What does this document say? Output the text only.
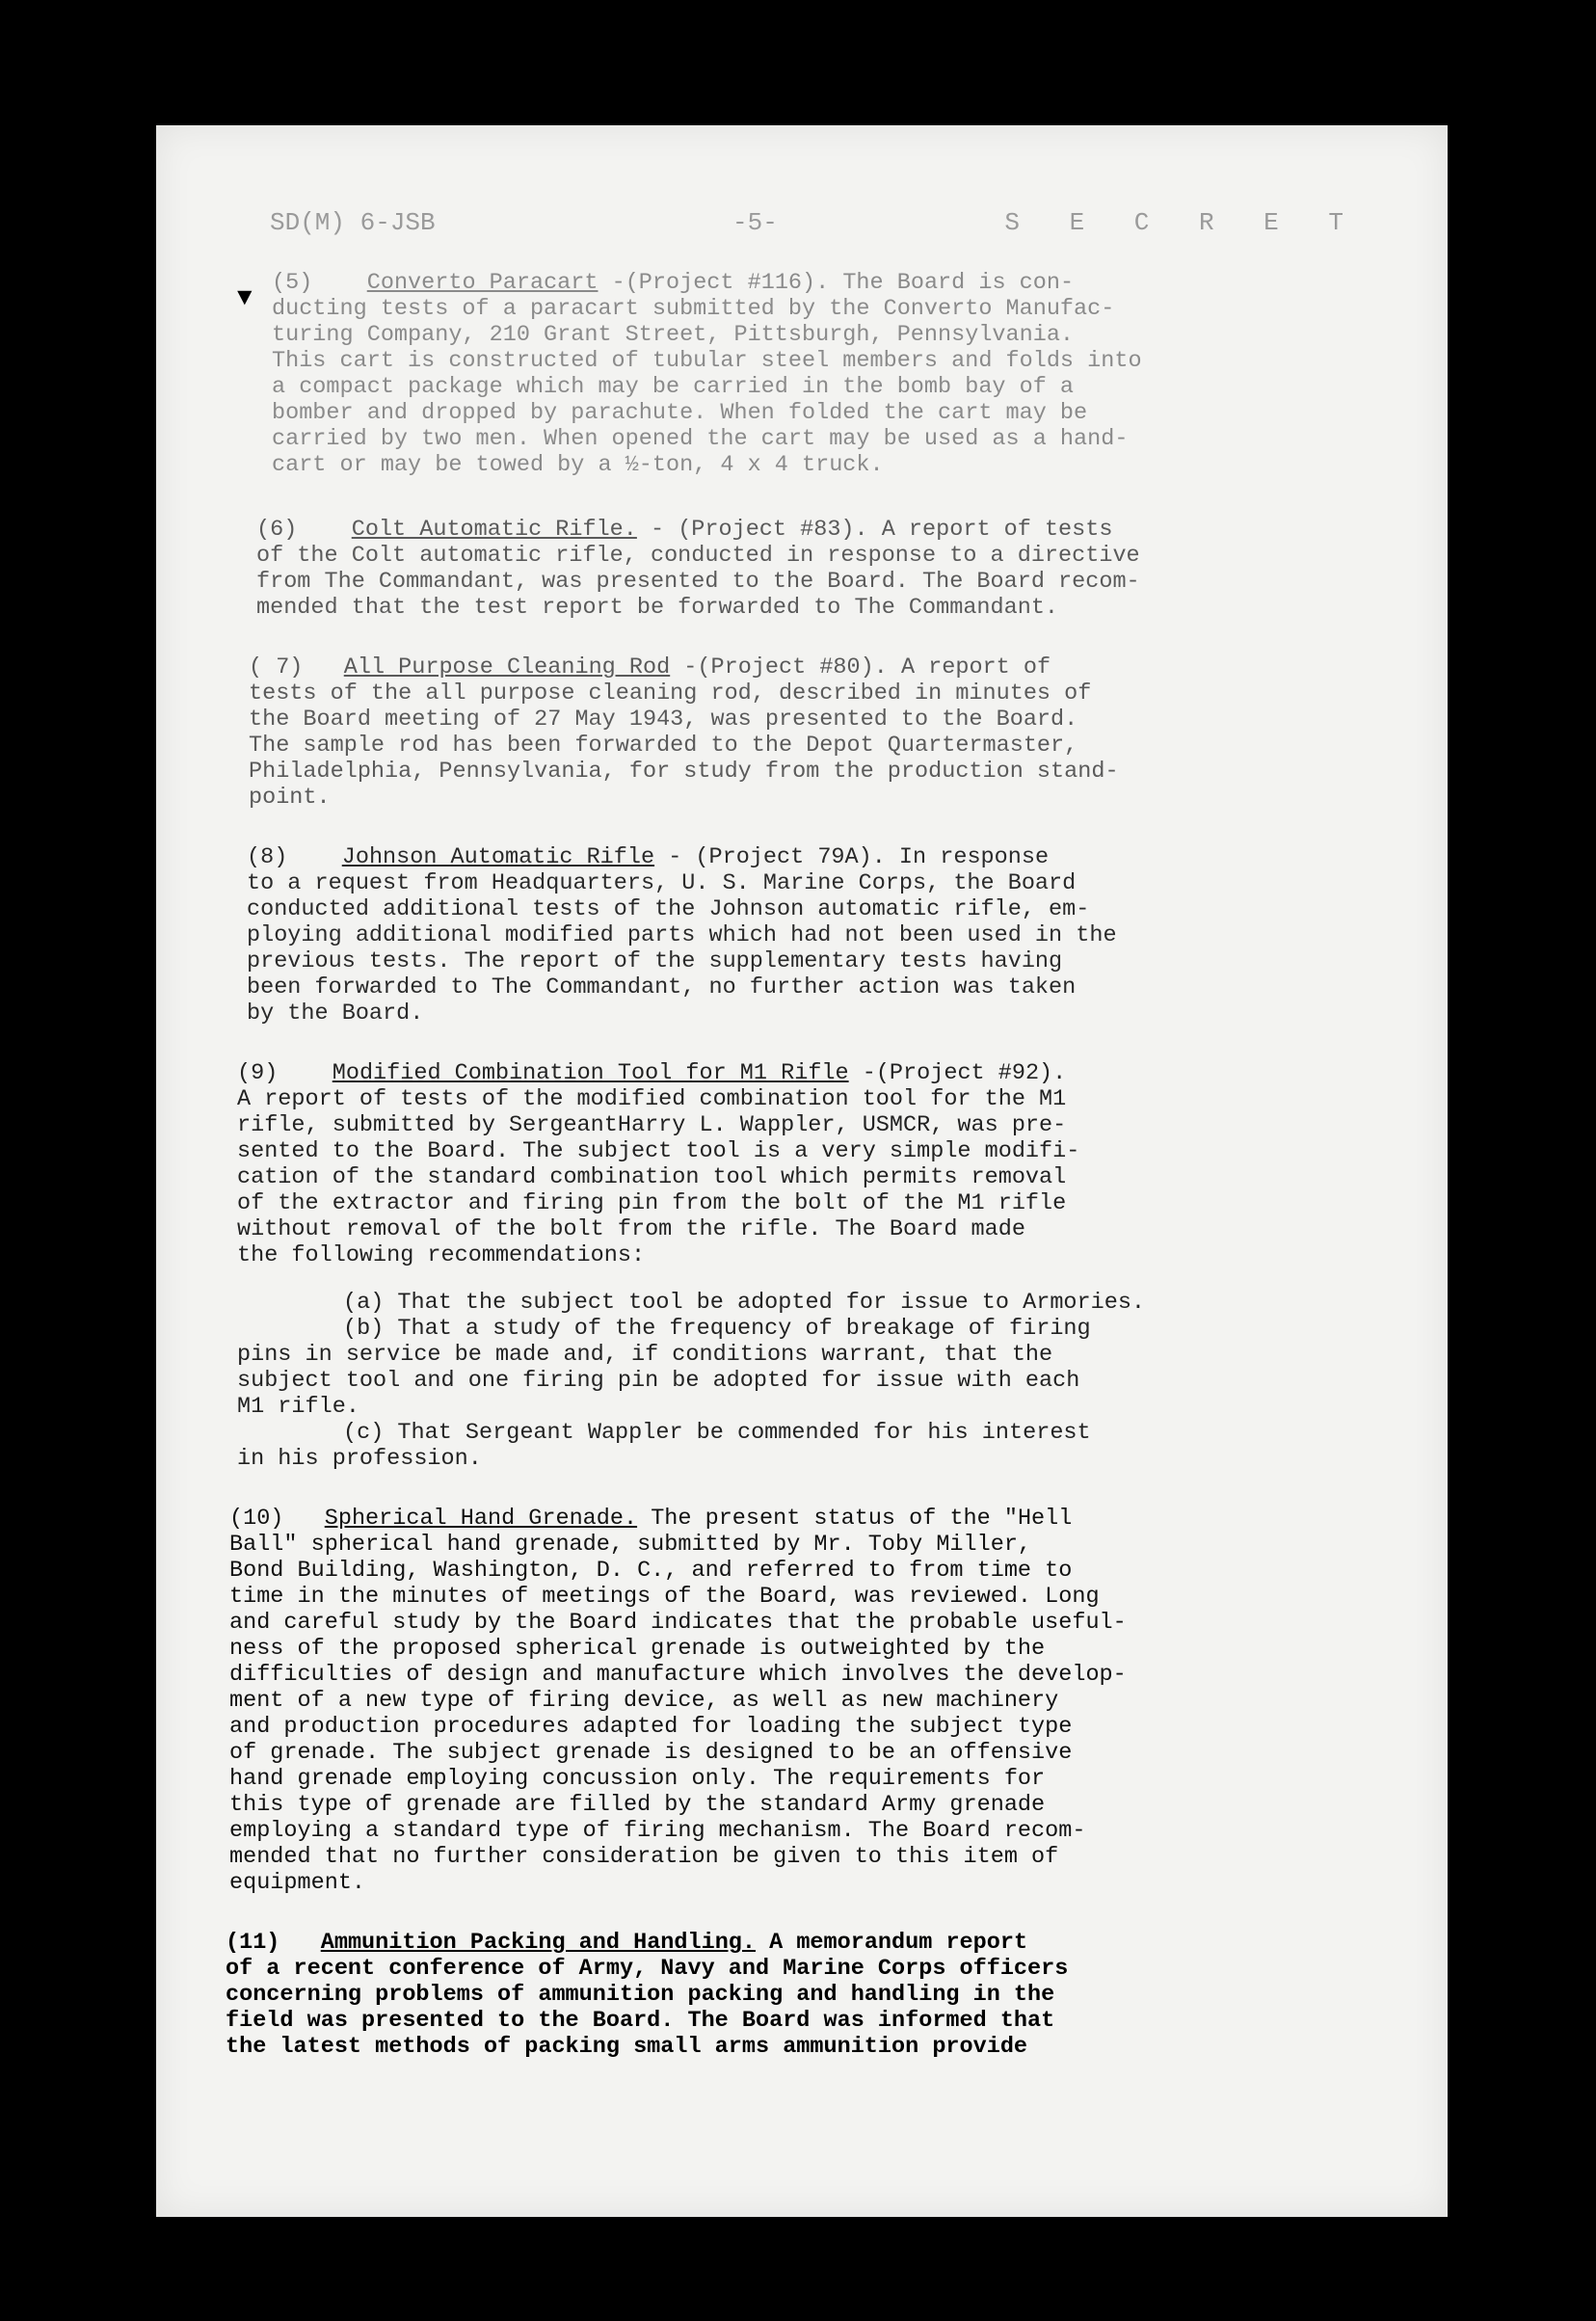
SD(M) 6-JSB	-5-	S E C R E T
▼
(5) Converto Paracart -(Project #116). The Board is con-
ducting tests of a paracart submitted by the Converto Manufac-
turing Company, 210 Grant Street, Pittsburgh, Pennsylvania.
This cart is constructed of tubular steel members and folds into
a compact package which may be carried in the bomb bay of a
bomber and dropped by parachute. When folded the cart may be
carried by two men. When opened the cart may be used as a hand-
cart or may be towed by a ½-ton, 4 x 4 truck.
(6) Colt Automatic Rifle. - (Project #83). A report of tests
of the Colt automatic rifle, conducted in response to a directive
from The Commandant, was presented to the Board. The Board recom-
mended that the test report be forwarded to The Commandant.
( 7) All Purpose Cleaning Rod -(Project #80). A report of
tests of the all purpose cleaning rod, described in minutes of
the Board meeting of 27 May 1943, was presented to the Board.
The sample rod has been forwarded to the Depot Quartermaster,
Philadelphia, Pennsylvania, for study from the production stand-
point.
(8) Johnson Automatic Rifle - (Project 79A). In response
to a request from Headquarters, U. S. Marine Corps, the Board
conducted additional tests of the Johnson automatic rifle, em-
ploying additional modified parts which had not been used in the
previous tests. The report of the supplementary tests having
been forwarded to The Commandant, no further action was taken
by the Board.
(9) Modified Combination Tool for M1 Rifle -(Project #92).
A report of tests of the modified combination tool for the M1
rifle, submitted by SergeantHarry L. Wappler, USMCR, was pre-
sented to the Board. The subject tool is a very simple modifi-
cation of the standard combination tool which permits removal
of the extractor and firing pin from the bolt of the M1 rifle
without removal of the bolt from the rifle. The Board made
the following recommendations:
(a) That the subject tool be adopted for issue to Armories.
(b) That a study of the frequency of breakage of firing
pins in service be made and, if conditions warrant, that the
subject tool and one firing pin be adopted for issue with each
M1 rifle.
(c) That Sergeant Wappler be commended for his interest
in his profession.
(10) Spherical Hand Grenade. The present status of the "Hell
Ball" spherical hand grenade, submitted by Mr. Toby Miller,
Bond Building, Washington, D. C., and referred to from time to
time in the minutes of meetings of the Board, was reviewed. Long
and careful study by the Board indicates that the probable useful-
ness of the proposed spherical grenade is outweighted by the
difficulties of design and manufacture which involves the develop-
ment of a new type of firing device, as well as new machinery
and production procedures adapted for loading the subject type
of grenade. The subject grenade is designed to be an offensive
hand grenade employing concussion only. The requirements for
this type of grenade are filled by the standard Army grenade
employing a standard type of firing mechanism. The Board recom-
mended that no further consideration be given to this item of
equipment.
(11) Ammunition Packing and Handling. A memorandum report
of a recent conference of Army, Navy and Marine Corps officers
concerning problems of ammunition packing and handling in the
field was presented to the Board. The Board was informed that
the latest methods of packing small arms ammunition provide
